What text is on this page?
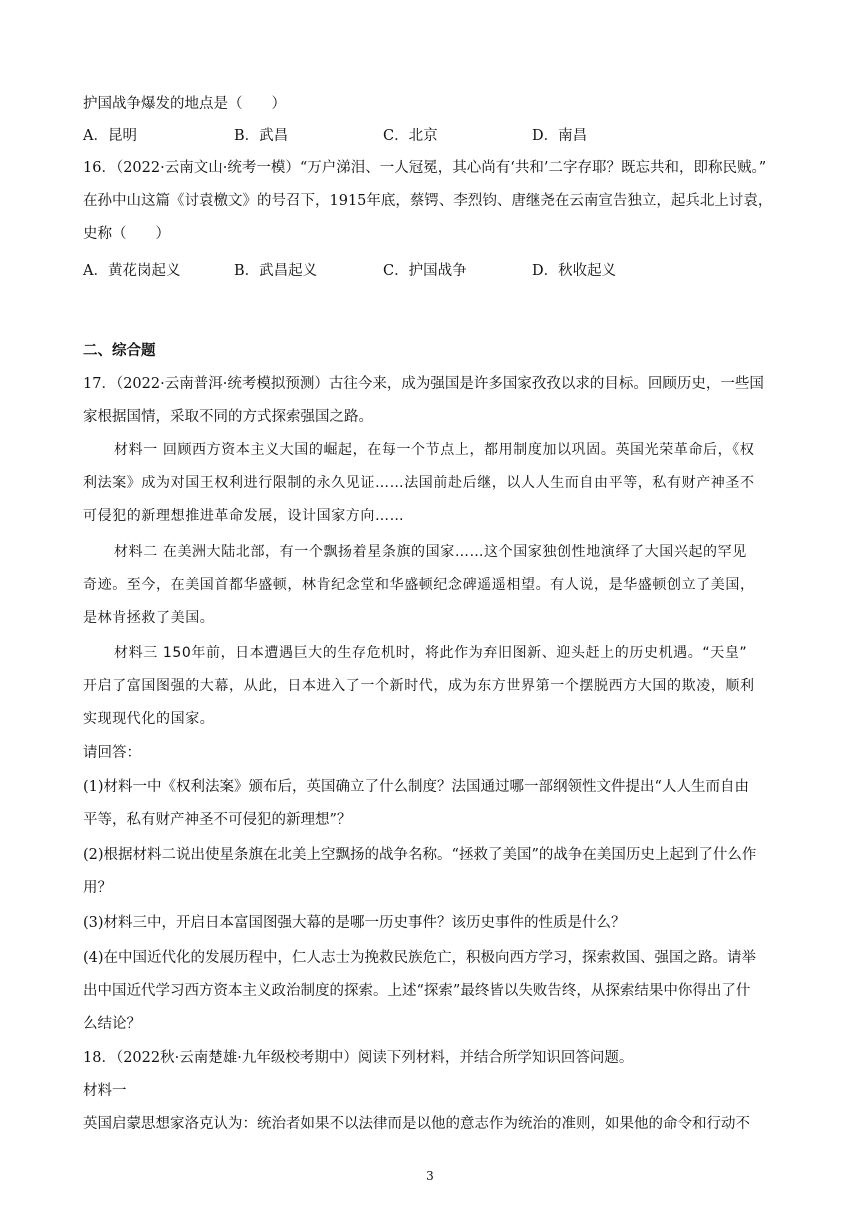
护国战争爆发的地点是（　　）
A．昆明	B．武昌	C．北京	D．南昌
16．（2022·云南文山·统考一模）“万户涕泪、一人冠冕，其心尚有‘共和’二字存耶？既忘共和，即称民贼。”
在孙中山这篇《讨袁檄文》的号召下，1915年底，蔡锷、李烈钧、唐继尧在云南宣告独立，起兵北上讨袁，
史称（　　）
A．黄花岗起义	B．武昌起义	C．护国战争	D．秋收起义
二、综合题
17．（2022·云南普洱·统考模拟预测）古往今来，成为强国是许多国家孜孜以求的目标。回顾历史，一些国
家根据国情，采取不同的方式探索强国之路。
材料一 回顾西方资本主义大国的崛起，在每一个节点上，都用制度加以巩固。英国光荣革命后，《权
利法案》成为对国王权利进行限制的永久见证……法国前赴后继，以人人生而自由平等，私有财产神圣不
可侵犯的新理想推进革命发展，设计国家方向……
材料二 在美洲大陆北部，有一个飘扬着星条旗的国家……这个国家独创性地演绎了大国兴起的罕见
奇迹。至今，在美国首都华盛顿，林肯纪念堂和华盛顿纪念碑遥遥相望。有人说，是华盛顿创立了美国，
是林肯拯救了美国。
材料三 150年前，日本遭遇巨大的生存危机时，将此作为弃旧图新、迎头赶上的历史机遇。“天皇”
开启了富国图强的大幕，从此，日本进入了一个新时代，成为东方世界第一个摆脱西方大国的欺凌，顺利
实现现代化的国家。
请回答：
(1)材料一中《权利法案》颁布后，英国确立了什么制度？法国通过哪一部纲领性文件提出“人人生而自由
平等，私有财产神圣不可侵犯的新理想”？
(2)根据材料二说出使星条旗在北美上空飘扬的战争名称。“拯救了美国”的战争在美国历史上起到了什么作
用？
(3)材料三中，开启日本富国图强大幕的是哪一历史事件？该历史事件的性质是什么？
(4)在中国近代化的发展历程中，仁人志士为挽救民族危亡，积极向西方学习，探索救国、强国之路。请举
出中国近代学习西方资本主义政治制度的探索。上述“探索”最终皆以失败告终，从探索结果中你得出了什
么结论？
18．（2022秋·云南楚雄·九年级校考期中）阅读下列材料，并结合所学知识回答问题。
材料一
英国启蒙思想家洛克认为：统治者如果不以法律而是以他的意志作为统治的准则，如果他的命令和行动不
3
